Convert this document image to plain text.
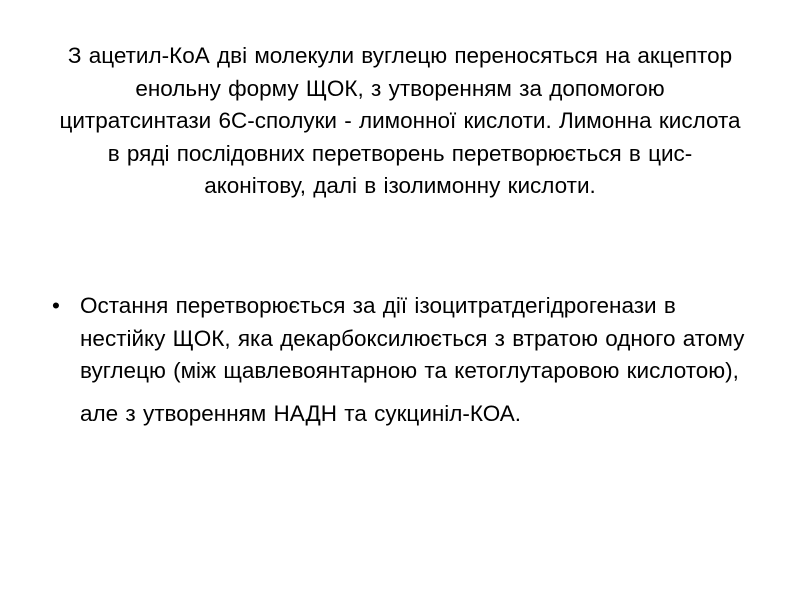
З ацетил-КоА дві молекули вуглецю переносяться на акцептор енольну форму ЩОК, з утворенням за допомогою цитратсинтази 6С-сполуки - лимонної кислоти. Лимонна кислота в ряді послідовних перетворень перетворюється в цис-аконітову, далі в ізолимонну кислоти.

• Остання перетворюється за дії ізоцитратдегідрогенази в нестійку ЩОК, яка декарбоксилюється з втратою одного атому вуглецю (між щавлевоянтарною та кетоглутаровою кислотою),
але з утворенням НАДН та сукциніл-КОА.
